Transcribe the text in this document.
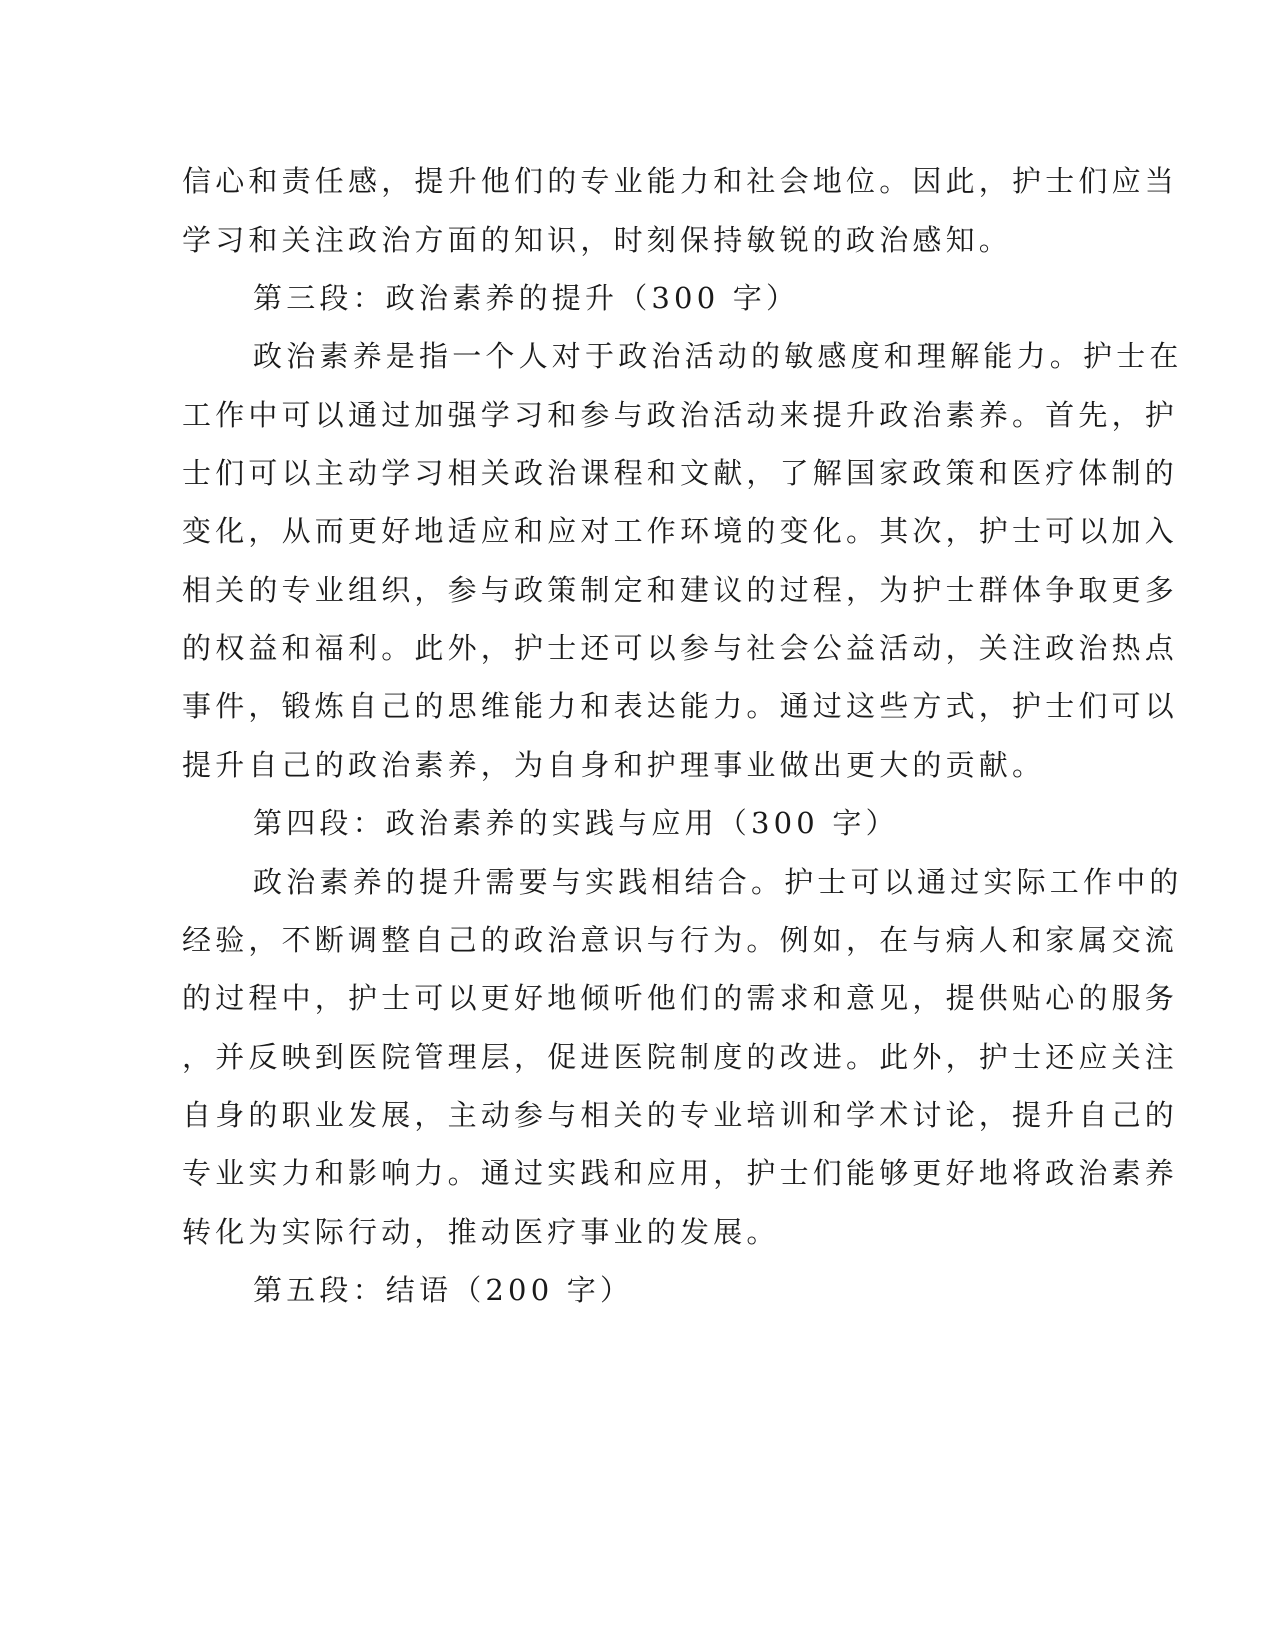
信心和责任感，提升他们的专业能力和社会地位。因此，护士们应当

学习和关注政治方面的知识，时刻保持敏锐的政治感知。

第三段：政治素养的提升（300 字）

政治素养是指一个人对于政治活动的敏感度和理解能力。护士在

工作中可以通过加强学习和参与政治活动来提升政治素养。首先，护

士们可以主动学习相关政治课程和文献，了解国家政策和医疗体制的

变化，从而更好地适应和应对工作环境的变化。其次，护士可以加入

相关的专业组织，参与政策制定和建议的过程，为护士群体争取更多

的权益和福利。此外，护士还可以参与社会公益活动，关注政治热点

事件，锻炼自己的思维能力和表达能力。通过这些方式，护士们可以

提升自己的政治素养，为自身和护理事业做出更大的贡献。

第四段：政治素养的实践与应用（300 字）

政治素养的提升需要与实践相结合。护士可以通过实际工作中的

经验，不断调整自己的政治意识与行为。例如，在与病人和家属交流

的过程中，护士可以更好地倾听他们的需求和意见，提供贴心的服务

，并反映到医院管理层，促进医院制度的改进。此外，护士还应关注

自身的职业发展，主动参与相关的专业培训和学术讨论，提升自己的

专业实力和影响力。通过实践和应用，护士们能够更好地将政治素养

转化为实际行动，推动医疗事业的发展。

第五段：结语（200 字）
